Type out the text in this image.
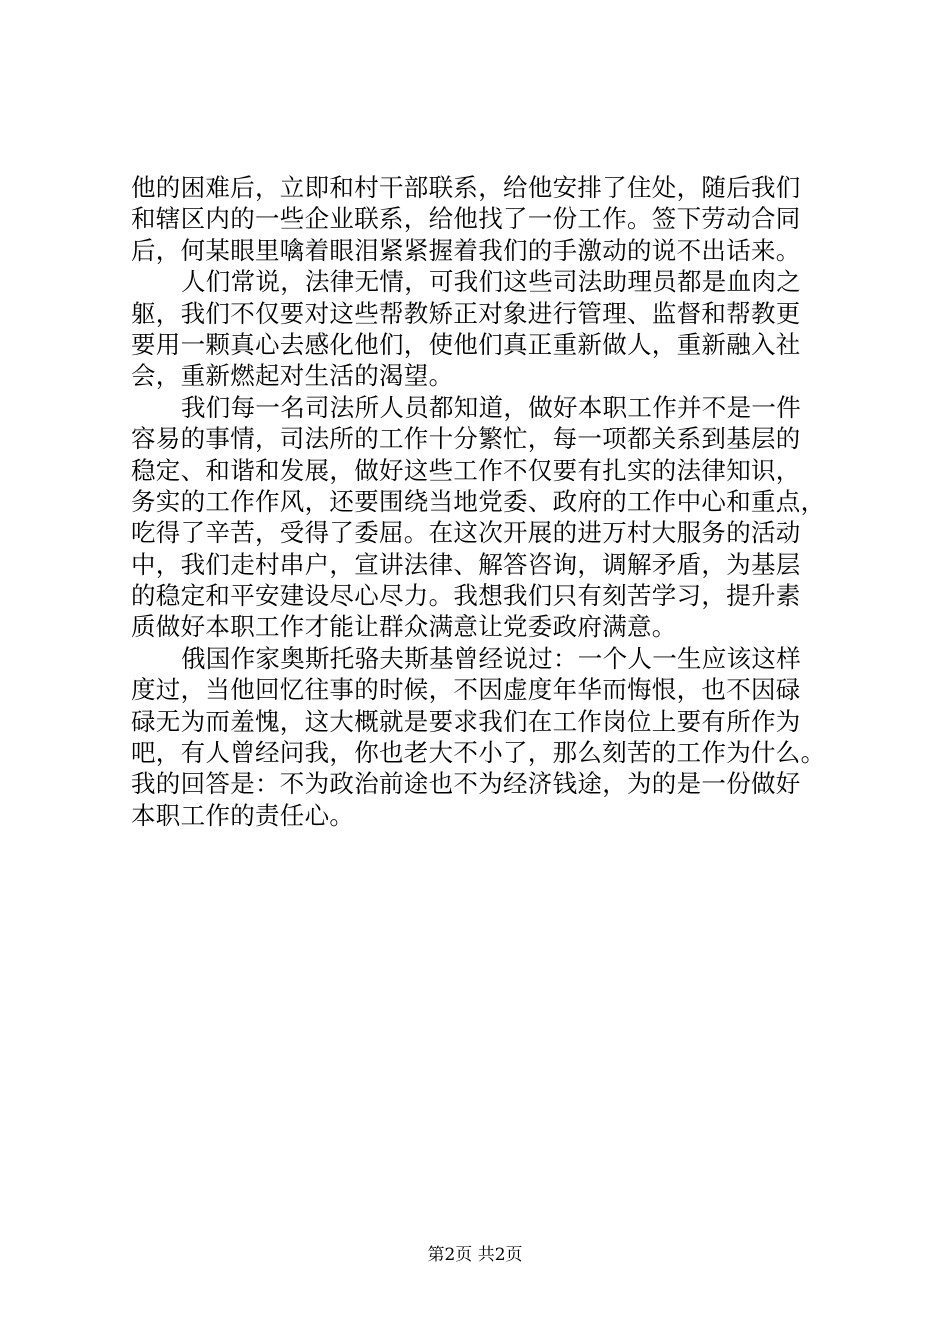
他的困难后，立即和村干部联系，给他安排了住处，随后我们
和辖区内的一些企业联系，给他找了一份工作。签下劳动合同
后，何某眼里噙着眼泪紧紧握着我们的手激动的说不出话来。
人们常说，法律无情，可我们这些司法助理员都是血肉之
躯，我们不仅要对这些帮教矫正对象进行管理、监督和帮教更
要用一颗真心去感化他们，使他们真正重新做人，重新融入社
会，重新燃起对生活的渴望。
我们每一名司法所人员都知道，做好本职工作并不是一件
容易的事情，司法所的工作十分繁忙，每一项都关系到基层的
稳定、和谐和发展，做好这些工作不仅要有扎实的法律知识，
务实的工作作风，还要围绕当地党委、政府的工作中心和重点，
吃得了辛苦，受得了委屈。在这次开展的进万村大服务的活动
中，我们走村串户，宣讲法律、解答咨询，调解矛盾，为基层
的稳定和平安建设尽心尽力。我想我们只有刻苦学习，提升素
质做好本职工作才能让群众满意让党委政府满意。
俄国作家奥斯托骆夫斯基曾经说过：一个人一生应该这样
度过，当他回忆往事的时候，不因虚度年华而悔恨，也不因碌
碌无为而羞愧，这大概就是要求我们在工作岗位上要有所作为
吧，有人曾经问我，你也老大不小了，那么刻苦的工作为什么。
我的回答是：不为政治前途也不为经济钱途，为的是一份做好
本职工作的责任心。
第2页 共2页
